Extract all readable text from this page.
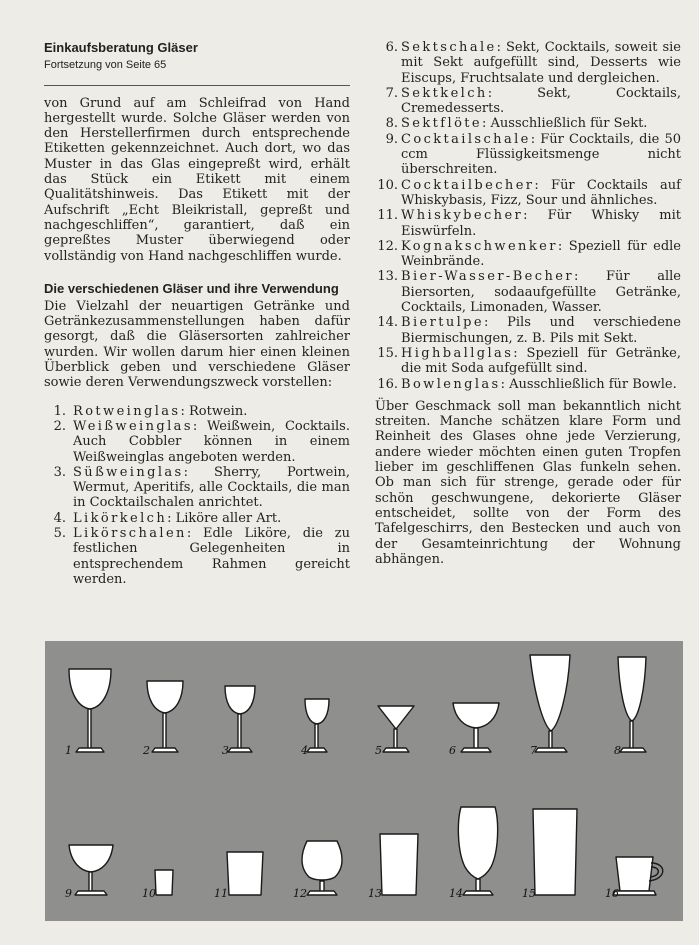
Einkaufsberatung Gläser

Fortsetzung von Seite 65

von Grund auf am Schleifrad von Hand hergestellt wurde. Solche Gläser werden von den Herstellerfirmen durch entsprechende Etiketten gekennzeichnet. Auch dort, wo das Muster in das Glas eingepreßt wird, erhält das Stück ein Etikett mit einem Qualitätshinweis. Das Etikett mit der Aufschrift „Echt Bleikristall, gepreßt und nachgeschliffen“, garantiert, daß ein gepreßtes Muster überwiegend oder vollständig von Hand nachgeschliffen wurde.

Die verschiedenen Gläser und ihre Verwendung

Die Vielzahl der neuartigen Getränke und Getränkezusammenstellungen haben dafür gesorgt, daß die Gläsersorten zahlreicher wurden. Wir wollen darum hier einen kleinen Überblick geben und verschiedene Gläser sowie deren Verwendungszweck vorstellen:

1. Rotweinglas: Rotwein.
2. Weißweinglas: Weißwein, Cocktails. Auch Cobbler können in einem Weißweinglas angeboten werden.
3. Süßweinglas: Sherry, Portwein, Wermut, Aperitifs, alle Cocktails, die man in Cocktailschalen anrichtet.
4. Likörkelch: Liköre aller Art.
5. Likörschalen: Edle Liköre, die zu festlichen Gelegenheiten in entsprechendem Rahmen gereicht werden.
6. Sektschale: Sekt, Cocktails, soweit sie mit Sekt aufgefüllt sind, Desserts wie Eiscups, Fruchtsalate und dergleichen.
7. Sektkelch: Sekt, Cocktails, Cremedesserts.
8. Sektflöte: Ausschließlich für Sekt.
9. Cocktailschale: Für Cocktails, die 50 ccm Flüssigkeitsmenge nicht überschreiten.
10. Cocktailbecher: Für Cocktails auf Whiskybasis, Fizz, Sour und ähnliches.
11. Whiskybecher: Für Whisky mit Eiswürfeln.
12. Kognakschwenker: Speziell für edle Weinbrände.
13. Bier-Wasser-Becher: Für alle Biersorten, sodaaufgefüllte Getränke, Cocktails, Limonaden, Wasser.
14. Biertulpe: Pils und verschiedene Biermischungen, z. B. Pils mit Sekt.
15. Highballglas: Speziell für Getränke, die mit Soda aufgefüllt sind.
16. Bowlenglas: Ausschließlich für Bowle.

Über Geschmack soll man bekanntlich nicht streiten. Manche schätzen klare Form und Reinheit des Glases ohne jede Verzierung, andere wieder möchten einen guten Tropfen lieber im geschliffenen Glas funkeln sehen. Ob man sich für strenge, gerade oder für schön geschwungene, dekorierte Gläser entscheidet, sollte von der Form des Tafelgeschirrs, den Bestecken und auch von der Gesamteinrichtung der Wohnung abhängen.

1	2	3	4	5	6	7	8
9	10	11	12	13	14	15	16
